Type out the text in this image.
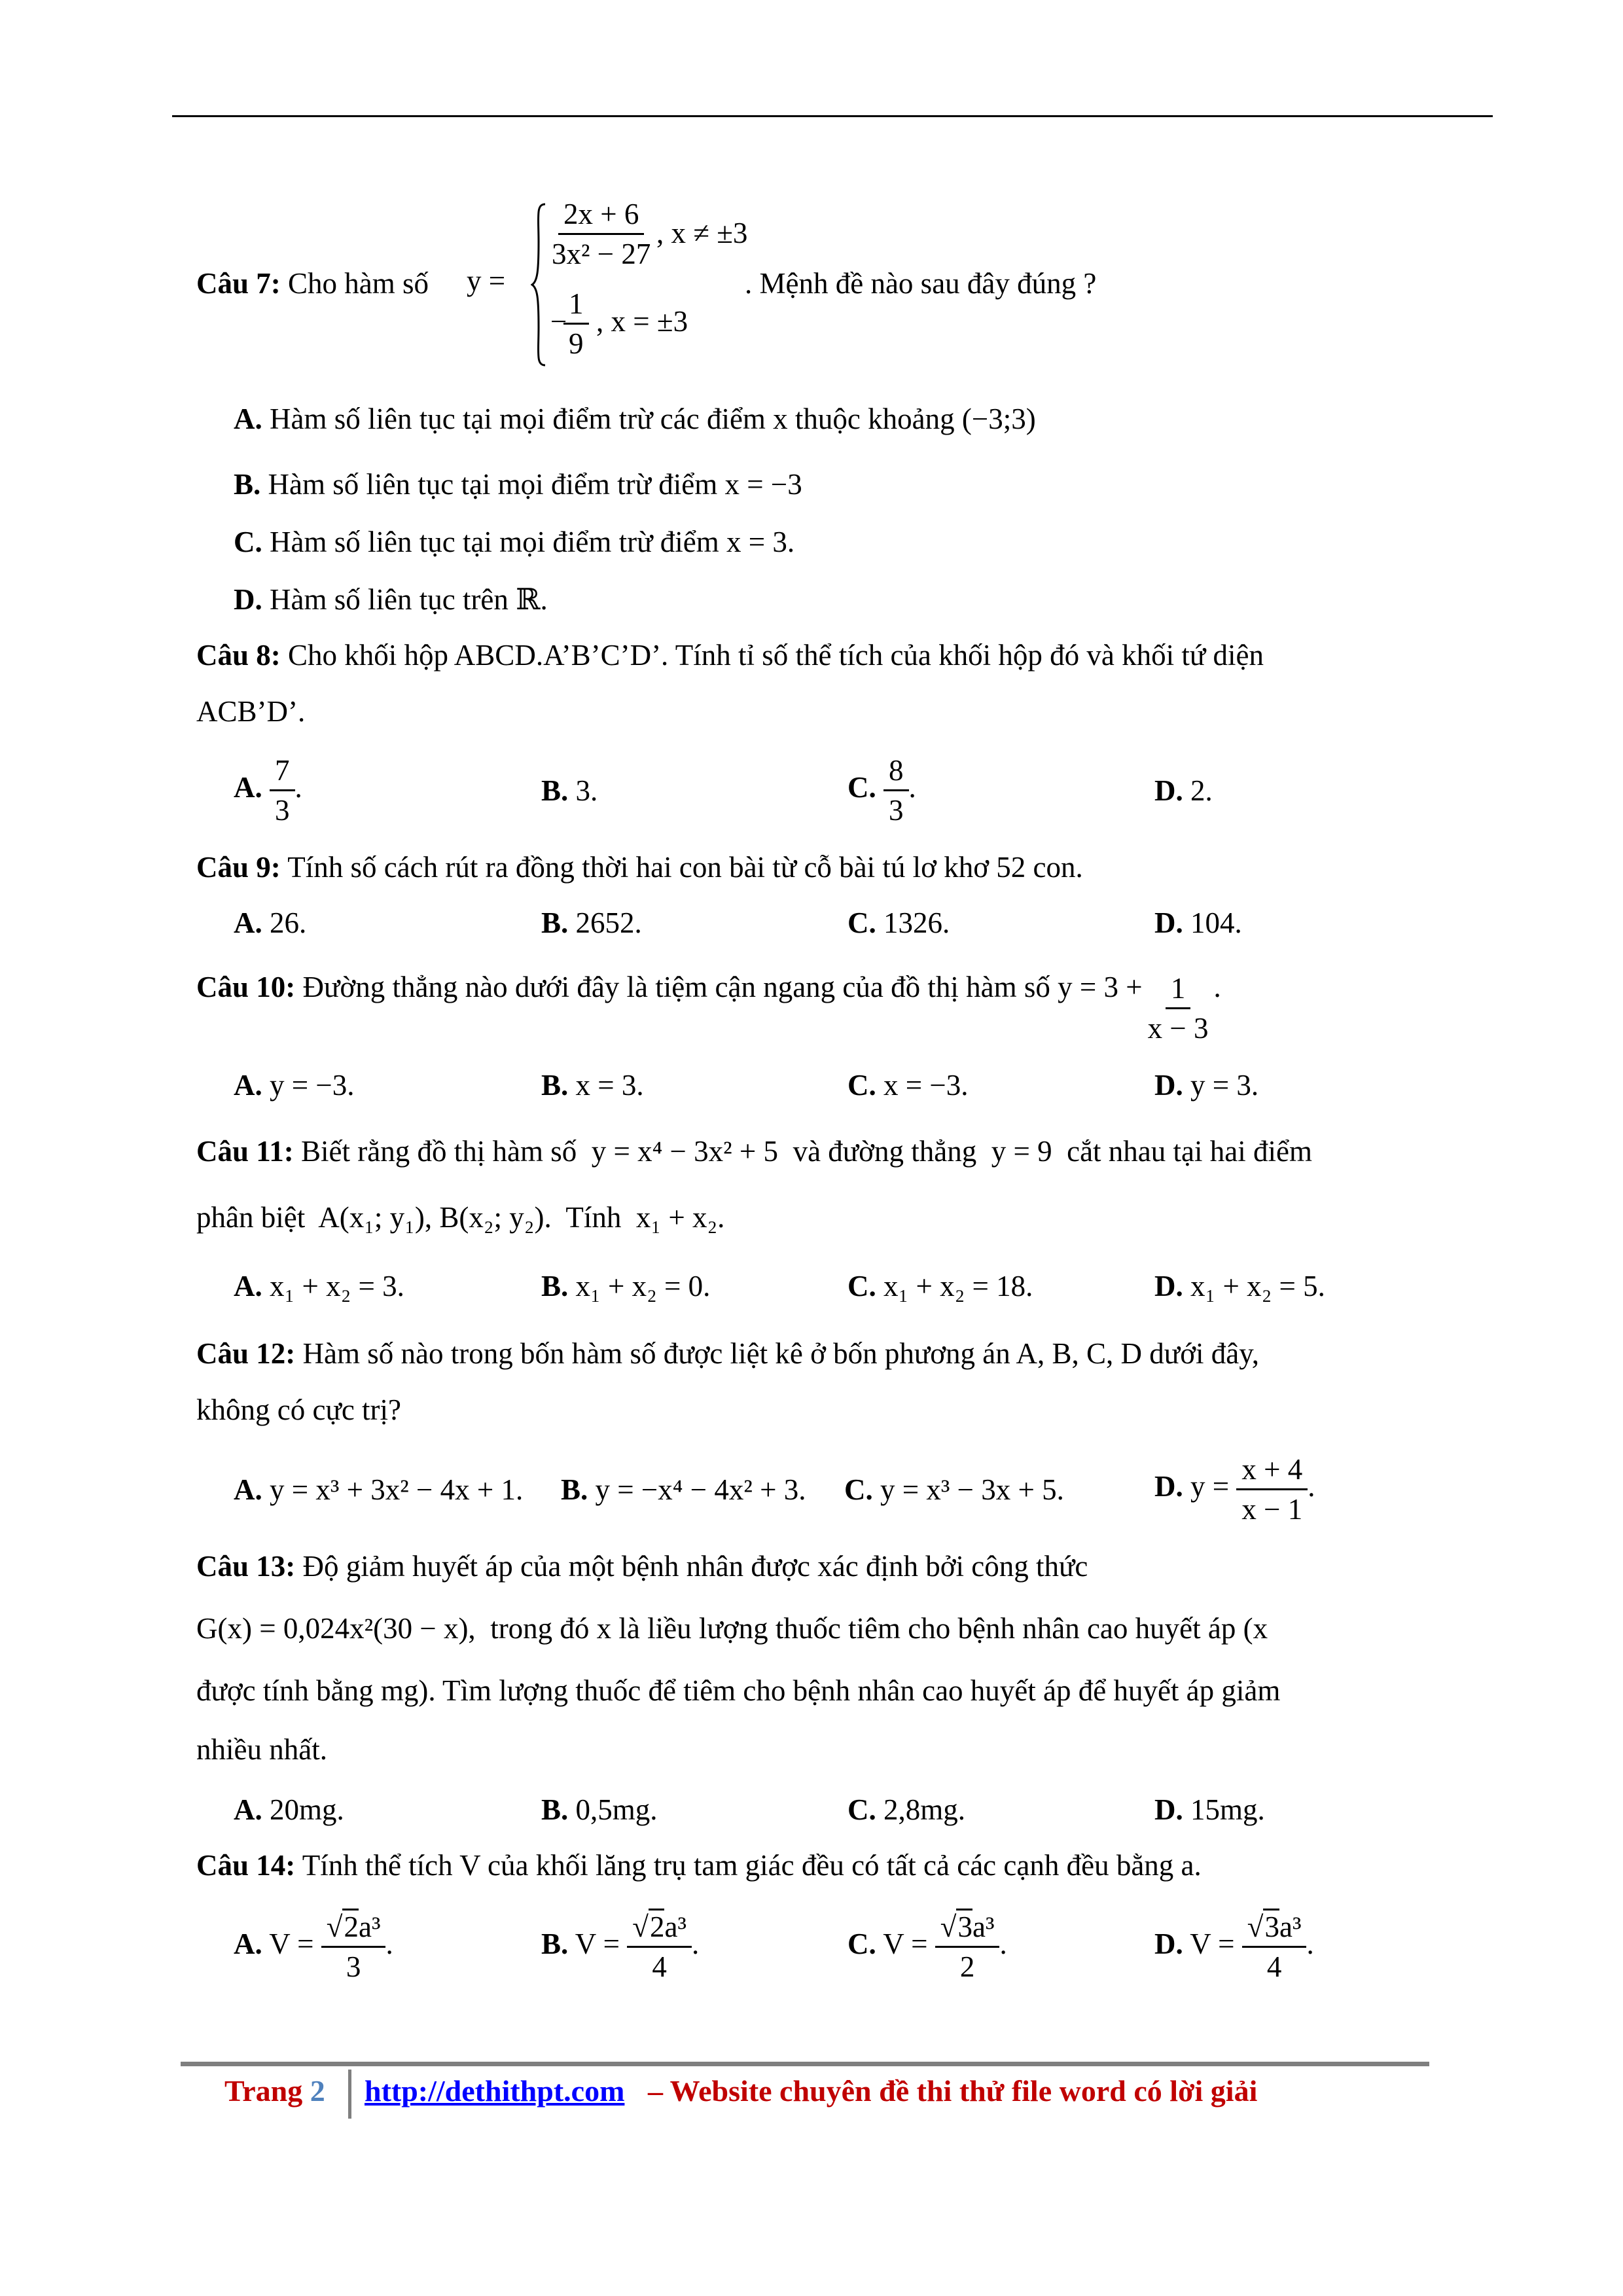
Câu 7: Cho hàm số	y =
$\frac{2x + 6}{\text{3x² − 27}}$ , x ≠ ±3
−
$\frac{1}{9}$ , x = ±3
. Mệnh đề nào sau đây đúng ?
A. Hàm số liên tục tại mọi điểm trừ các điểm x thuộc khoảng (−3;3)
B. Hàm số liên tục tại mọi điểm trừ điểm x = −3
C. Hàm số liên tục tại mọi điểm trừ điểm x = 3.
D. Hàm số liên tục trên ℝ.
Câu 8: Cho khối hộp ABCD.A’B’C’D’. Tính tỉ số thể tích của khối hộp đó và khối tứ diện
ACB’D’.
A. $\frac{7}{3}$ .	B. 3.	C. $\frac{8}{3}$ .	D. 2.
Câu 9: Tính số cách rút ra đồng thời hai con bài từ cỗ bài tú lơ khơ 52 con.
A. 26.	B. 2652.	C. 1326.	D. 104.
Câu 10: Đường thẳng nào dưới đây là tiệm cận ngang của đồ thị hàm số $y = 3 + \frac{1}{x - 3}$ .
A. y = −3.	B. x = 3.	C. x = −3.	D. y = 3.
Câu 11: Biết rằng đồ thị hàm số y = x⁴ − 3x² + 5 và đường thẳng y = 9 cắt nhau tại hai điểm
phân biệt A(x₁; y₁), B(x₂; y₂). Tính x₁ + x₂.
A. x₁ + x₂ = 3.	B. x₁ + x₂ = 0.	C. x₁ + x₂ = 18.	D. x₁ + x₂ = 5.
Câu 12: Hàm số nào trong bốn hàm số được liệt kê ở bốn phương án A, B, C, D dưới đây,
không có cực trị?
A. y = x³ + 3x² − 4x + 1. B. y = −x⁴ − 4x² + 3. C. y = x³ − 3x + 5.	D. $y = \frac{x + 4}{x - 1}$ .
Câu 13: Độ giảm huyết áp của một bệnh nhân được xác định bởi công thức
G(x) = 0,024x²(30 − x), trong đó x là liều lượng thuốc tiêm cho bệnh nhân cao huyết áp (x
được tính bằng mg). Tìm lượng thuốc để tiêm cho bệnh nhân cao huyết áp để huyết áp giảm
nhiều nhất.
A. 20mg.	B. 0,5mg.	C. 2,8mg.	D. 15mg.
Câu 14: Tính thể tích V của khối lăng trụ tam giác đều có tất cả các cạnh đều bằng a.
A. $V = \frac{\text{√2a³}}{3}$ .	B. $V = \frac{\text{√2a³}}{4}$ .	C. $V = \frac{\text{√3a³}}{2}$ .	D. $V = \frac{\text{√3a³}}{4}$ .
Trang 2 http://dethithpt.com – Website chuyên đề thi thử file word có lời giải
